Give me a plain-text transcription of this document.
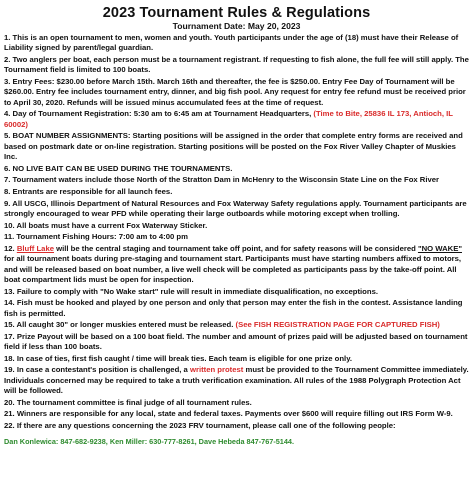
2023 Tournament Rules & Regulations
Tournament Date: May 20, 2023

1. This is an open tournament to men, women and youth. Youth participants under the age of (18) must have their Release of Liability signed by parent/legal guardian.

2. Two anglers per boat, each person must be a tournament registrant. If requesting to fish alone, the full fee will still apply. The Tournament field is limited to 100 boats.

3. Entry Fees: $230.00 before March 15th. March 16th and thereafter, the fee is $250.00. Entry Fee Day of Tournament will be $260.00. Entry fee includes tournament entry, dinner, and big fish pool. Any request for entry fee refund must be received prior to April 30, 2020. Refunds will be issued minus accumulated fees at the time of request.

4. Day of Tournament Registration: 5:30 am to 6:45 am at Tournament Headquarters, (Time to Bite, 25836 IL 173, Antioch, IL 60002)

5. BOAT NUMBER ASSIGNMENTS: Starting positions will be assigned in the order that complete entry forms are received and based on postmark date or on-line registration. Starting positions will be posted on the Fox River Valley Chapter of Muskies Inc.

6. NO LIVE BAIT CAN BE USED DURING THE TOURNAMENTS.

7. Tournament waters include those North of the Stratton Dam in McHenry to the Wisconsin State Line on the Fox River

8. Entrants are responsible for all launch fees.

9. All USCG, Illinois Department of Natural Resources and Fox Waterway Safety regulations apply. Tournament participants are strongly encouraged to wear PFD while operating their large outboards while motoring except when trolling.

10. All boats must have a current Fox Waterway Sticker.

11. Tournament Fishing Hours: 7:00 am to 4:00 pm

12. Bluff Lake will be the central staging and tournament take off point, and for safety reasons will be considered "NO WAKE" for all tournament boats during pre-staging and tournament start. Participants must have starting numbers affixed to motors, and will be released based on boat number, a live well check will be completed as participants pass by the take-off point. All boat compartment lids must be open for inspection.

13. Failure to comply with "No Wake start" rule will result in immediate disqualification, no exceptions.

14. Fish must be hooked and played by one person and only that person may enter the fish in the contest. Assistance landing fish is permitted.

15. All caught 30" or longer muskies entered must be released. (See FISH REGISTRATION PAGE FOR CAPTURED FISH)

17. Prize Payout will be based on a 100 boat field. The number and amount of prizes paid will be adjusted based on tournament field if less than 100 boats.

18. In case of ties, first fish caught / time will break ties. Each team is eligible for one prize only.

19. In case a contestant's position is challenged, a written protest must be provided to the Tournament Committee immediately. Individuals concerned may be required to take a truth verification examination. All rules of the 1988 Polygraph Protection Act will be followed.

20. The tournament committee is final judge of all tournament rules.

21. Winners are responsible for any local, state and federal taxes. Payments over $600 will require filling out IRS Form W-9.

22. If there are any questions concerning the 2023 FRV tournament, please call one of the following people:

Dan Konlewica: 847-682-9238, Ken Miller: 630-777-8261, Dave Hebeda 847-767-5144.
